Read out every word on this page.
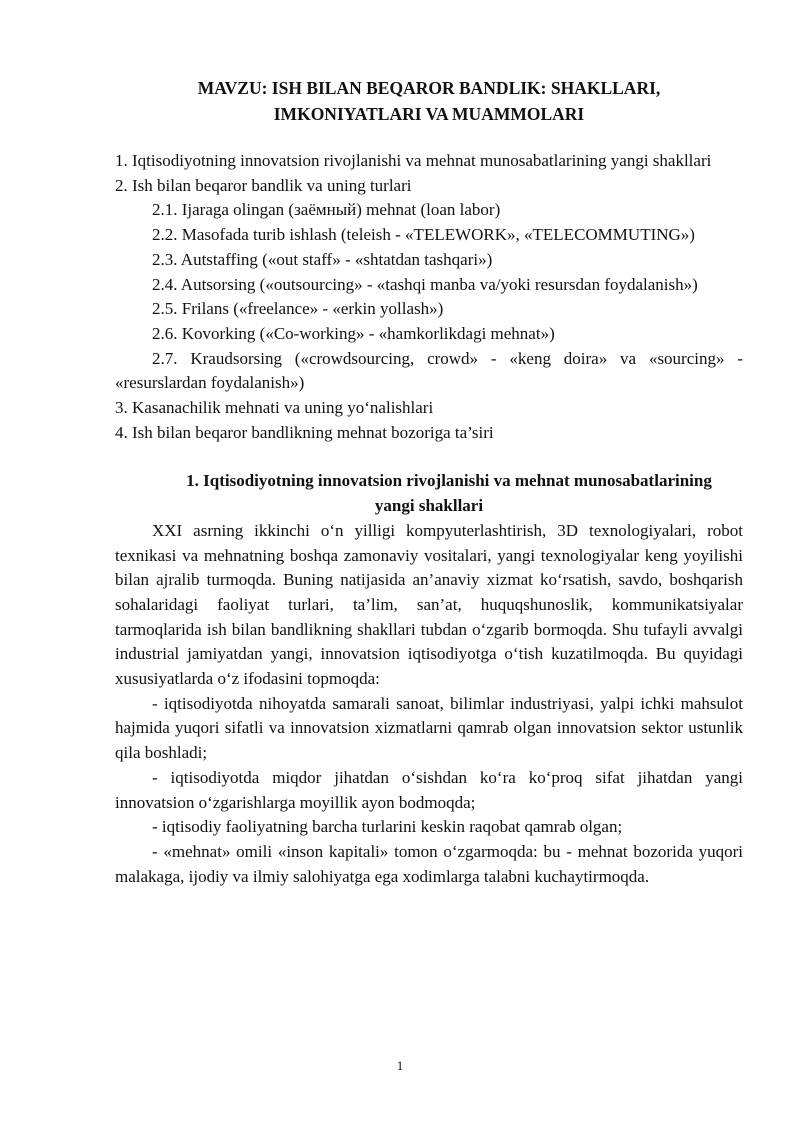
MAVZU: ISH BILAN BEQAROR BANDLIK: SHAKLLARI, IMKONIYATLARI VA MUAMMOLARI
1. Iqtisodiyotning innovatsion rivojlanishi va mehnat munosabatlarining yangi shakllari
2. Ish bilan beqaror bandlik va uning turlari
2.1. Ijaraga olingan (заёмный) mehnat (loan labor)
2.2. Masofada turib ishlash (teleish - «TELEWORK», «TELECOMMUTING»)
2.3. Autstaffing («out staff» - «shtatdan tashqari»)
2.4. Autsorsing («outsourcing» - «tashqi manba va/yoki resursdan foydalanish»)
2.5. Frilans («freelance» - «erkin yollash»)
2.6. Kovorking («Co-working» - «hamkorlikdagi mehnat»)
2.7. Kraudsorsing («crowdsourcing, crowd» - «keng doira» va «sourcing» - «resurslardan foydalanish»)
3. Kasanachilik mehnati va uning yo‘nalishlari
4. Ish bilan beqaror bandlikning mehnat bozoriga ta’siri
1. Iqtisodiyotning innovatsion rivojlanishi va mehnat munosabatlarining
yangi shakllari

XXI asrning ikkinchi o‘n yilligi kompyuterlashtirish, 3D texnologiyalari, robot texnikasi va mehnatning boshqa zamonaviy vositalari, yangi texnologiyalar keng yoyilishi bilan ajralib turmoqda. Buning natijasida an’anaviy xizmat ko‘rsatish, savdo, boshqarish sohalaridagi faoliyat turlari, ta’lim, san’at, huquqshunoslik, kommunikatsiyalar tarmoqlarida ish bilan bandlikning shakllari tubdan o‘zgarib bormoqda. Shu tufayli avvalgi industrial jamiyatdan yangi, innovatsion iqtisodiyotga o‘tish kuzatilmoqda. Bu quyidagi xususiyatlarda o‘z ifodasini topmoqda:

- iqtisodiyotda nihoyatda samarali sanoat, bilimlar industriyasi, yalpi ichki mahsulot hajmida yuqori sifatli va innovatsion xizmatlarni qamrab olgan innovatsion sektor ustunlik qila boshladi;

- iqtisodiyotda miqdor jihatdan o‘sishdan ko‘ra ko‘proq sifat jihatdan yangi innovatsion o‘zgarishlarga moyillik ayon bodmoqda;

- iqtisodiy faoliyatning barcha turlarini keskin raqobat qamrab olgan;

- «mehnat» omili «inson kapitali» tomon o‘zgarmoqda: bu - mehnat bozorida yuqori malakaga, ijodiy va ilmiy salohiyatga ega xodimlarga talabni kuchaytirmoqda.

1
